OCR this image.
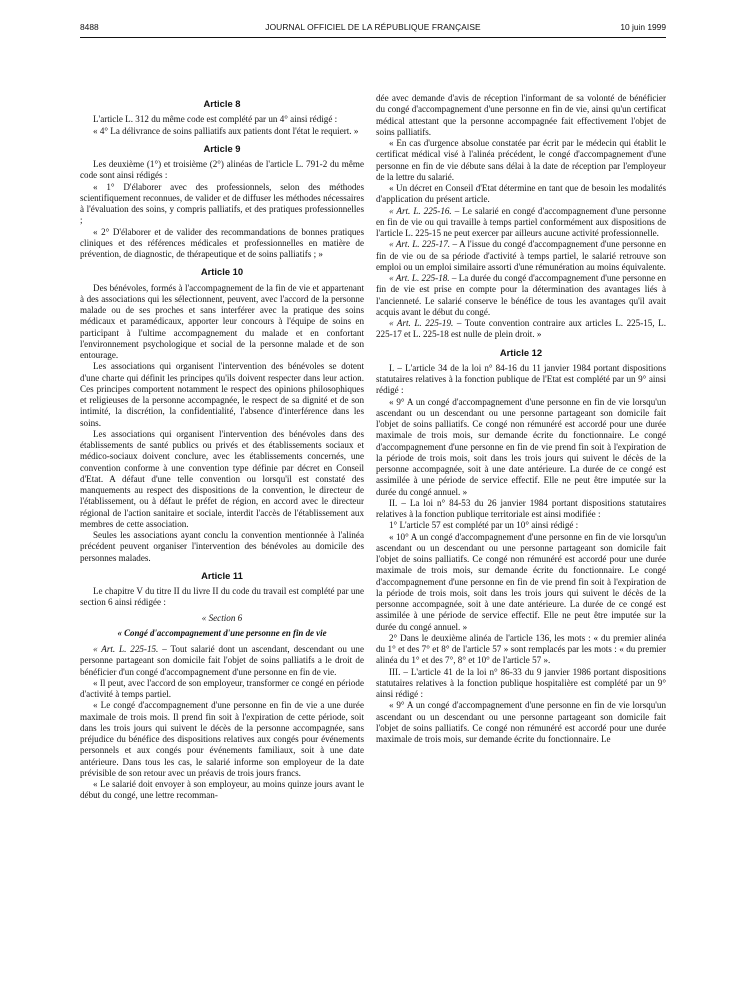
8488	JOURNAL OFFICIEL DE LA RÉPUBLIQUE FRANÇAISE	10 juin 1999
Article 8

L'article L. 312 du même code est complété par un 4° ainsi rédigé :

« 4° La délivrance de soins palliatifs aux patients dont l'état le requiert. »

Article 9

Les deuxième (1°) et troisième (2°) alinéas de l'article L. 791-2 du même code sont ainsi rédigés :

« 1° D'élaborer avec des professionnels, selon des méthodes scientifiquement reconnues, de valider et de diffuser les méthodes nécessaires à l'évaluation des soins, y compris palliatifs, et des pratiques professionnelles ;

« 2° D'élaborer et de valider des recommandations de bonnes pratiques cliniques et des références médicales et professionnelles en matière de prévention, de diagnostic, de thérapeutique et de soins palliatifs ; »

Article 10

Des bénévoles, formés à l'accompagnement de la fin de vie et appartenant à des associations qui les sélectionnent, peuvent, avec l'accord de la personne malade ou de ses proches et sans interférer avec la pratique des soins médicaux et paramédicaux, apporter leur concours à l'équipe de soins en participant à l'ultime accompagnement du malade et en confortant l'environnement psychologique et social de la personne malade et de son entourage.

Les associations qui organisent l'intervention des bénévoles se dotent d'une charte qui définit les principes qu'ils doivent respecter dans leur action. Ces principes comportent notamment le respect des opinions philosophiques et religieuses de la personne accompagnée, le respect de sa dignité et de son intimité, la discrétion, la confidentialité, l'absence d'interférence dans les soins.

Les associations qui organisent l'intervention des bénévoles dans des établissements de santé publics ou privés et des établissements sociaux et médico-sociaux doivent conclure, avec les établissements concernés, une convention conforme à une convention type définie par décret en Conseil d'Etat. A défaut d'une telle convention ou lorsqu'il est constaté des manquements au respect des dispositions de la convention, le directeur de l'établissement, ou à défaut le préfet de région, en accord avec le directeur régional de l'action sanitaire et sociale, interdit l'accès de l'établissement aux membres de cette association.

Seules les associations ayant conclu la convention mentionnée à l'alinéa précédent peuvent organiser l'intervention des bénévoles au domicile des personnes malades.

Article 11

Le chapitre V du titre II du livre II du code du travail est complété par une section 6 ainsi rédigée :

« Section 6

« Congé d'accompagnement d'une personne en fin de vie

« Art. L. 225-15. – Tout salarié dont un ascendant, descendant ou une personne partageant son domicile fait l'objet de soins palliatifs a le droit de bénéficier d'un congé d'accompagnement d'une personne en fin de vie.

« Il peut, avec l'accord de son employeur, transformer ce congé en période d'activité à temps partiel.

« Le congé d'accompagnement d'une personne en fin de vie a une durée maximale de trois mois. Il prend fin soit à l'expiration de cette période, soit dans les trois jours qui suivent le décès de la personne accompagnée, sans préjudice du bénéfice des dispositions relatives aux congés pour événements personnels et aux congés pour événements familiaux, soit à une date antérieure. Dans tous les cas, le salarié informe son employeur de la date prévisible de son retour avec un préavis de trois jours francs.

« Le salarié doit envoyer à son employeur, au moins quinze jours avant le début du congé, une lettre recomman-

dée avec demande d'avis de réception l'informant de sa volonté de bénéficier du congé d'accompagnement d'une personne en fin de vie, ainsi qu'un certificat médical attestant que la personne accompagnée fait effectivement l'objet de soins palliatifs.

« En cas d'urgence absolue constatée par écrit par le médecin qui établit le certificat médical visé à l'alinéa précédent, le congé d'accompagnement d'une personne en fin de vie débute sans délai à la date de réception par l'employeur de la lettre du salarié.

« Un décret en Conseil d'Etat détermine en tant que de besoin les modalités d'application du présent article.

« Art. L. 225-16. – Le salarié en congé d'accompagnement d'une personne en fin de vie ou qui travaille à temps partiel conformément aux dispositions de l'article L. 225-15 ne peut exercer par ailleurs aucune activité professionnelle.

« Art. L. 225-17. – A l'issue du congé d'accompagnement d'une personne en fin de vie ou de sa période d'activité à temps partiel, le salarié retrouve son emploi ou un emploi similaire assorti d'une rémunération au moins équivalente.

« Art. L. 225-18. – La durée du congé d'accompagnement d'une personne en fin de vie est prise en compte pour la détermination des avantages liés à l'ancienneté. Le salarié conserve le bénéfice de tous les avantages qu'il avait acquis avant le début du congé.

« Art. L. 225-19. – Toute convention contraire aux articles L. 225-15, L. 225-17 et L. 225-18 est nulle de plein droit. »

Article 12

I. – L'article 34 de la loi n° 84-16 du 11 janvier 1984 portant dispositions statutaires relatives à la fonction publique de l'Etat est complété par un 9° ainsi rédigé :

« 9° A un congé d'accompagnement d'une personne en fin de vie lorsqu'un ascendant ou un descendant ou une personne partageant son domicile fait l'objet de soins palliatifs. Ce congé non rémunéré est accordé pour une durée maximale de trois mois, sur demande écrite du fonctionnaire. Le congé d'accompagnement d'une personne en fin de vie prend fin soit à l'expiration de la période de trois mois, soit dans les trois jours qui suivent le décès de la personne accompagnée, soit à une date antérieure. La durée de ce congé est assimilée à une période de service effectif. Elle ne peut être imputée sur la durée du congé annuel. »

II. – La loi n° 84-53 du 26 janvier 1984 portant dispositions statutaires relatives à la fonction publique territoriale est ainsi modifiée :

1° L'article 57 est complété par un 10° ainsi rédigé :

« 10° A un congé d'accompagnement d'une personne en fin de vie lorsqu'un ascendant ou un descendant ou une personne partageant son domicile fait l'objet de soins palliatifs. Ce congé non rémunéré est accordé pour une durée maximale de trois mois, sur demande écrite du fonctionnaire. Le congé d'accompagnement d'une personne en fin de vie prend fin soit à l'expiration de la période de trois mois, soit dans les trois jours qui suivent le décès de la personne accompagnée, soit à une date antérieure. La durée de ce congé est assimilée à une période de service effectif. Elle ne peut être imputée sur la durée du congé annuel. »

2° Dans le deuxième alinéa de l'article 136, les mots : « du premier alinéa du 1° et des 7° et 8° de l'article 57 » sont remplacés par les mots : « du premier alinéa du 1° et des 7°, 8° et 10° de l'article 57 ».

III. – L'article 41 de la loi n° 86-33 du 9 janvier 1986 portant dispositions statutaires relatives à la fonction publique hospitalière est complété par un 9° ainsi rédigé :

« 9° A un congé d'accompagnement d'une personne en fin de vie lorsqu'un ascendant ou un descendant ou une personne partageant son domicile fait l'objet de soins palliatifs. Ce congé non rémunéré est accordé pour une durée maximale de trois mois, sur demande écrite du fonctionnaire. Le
